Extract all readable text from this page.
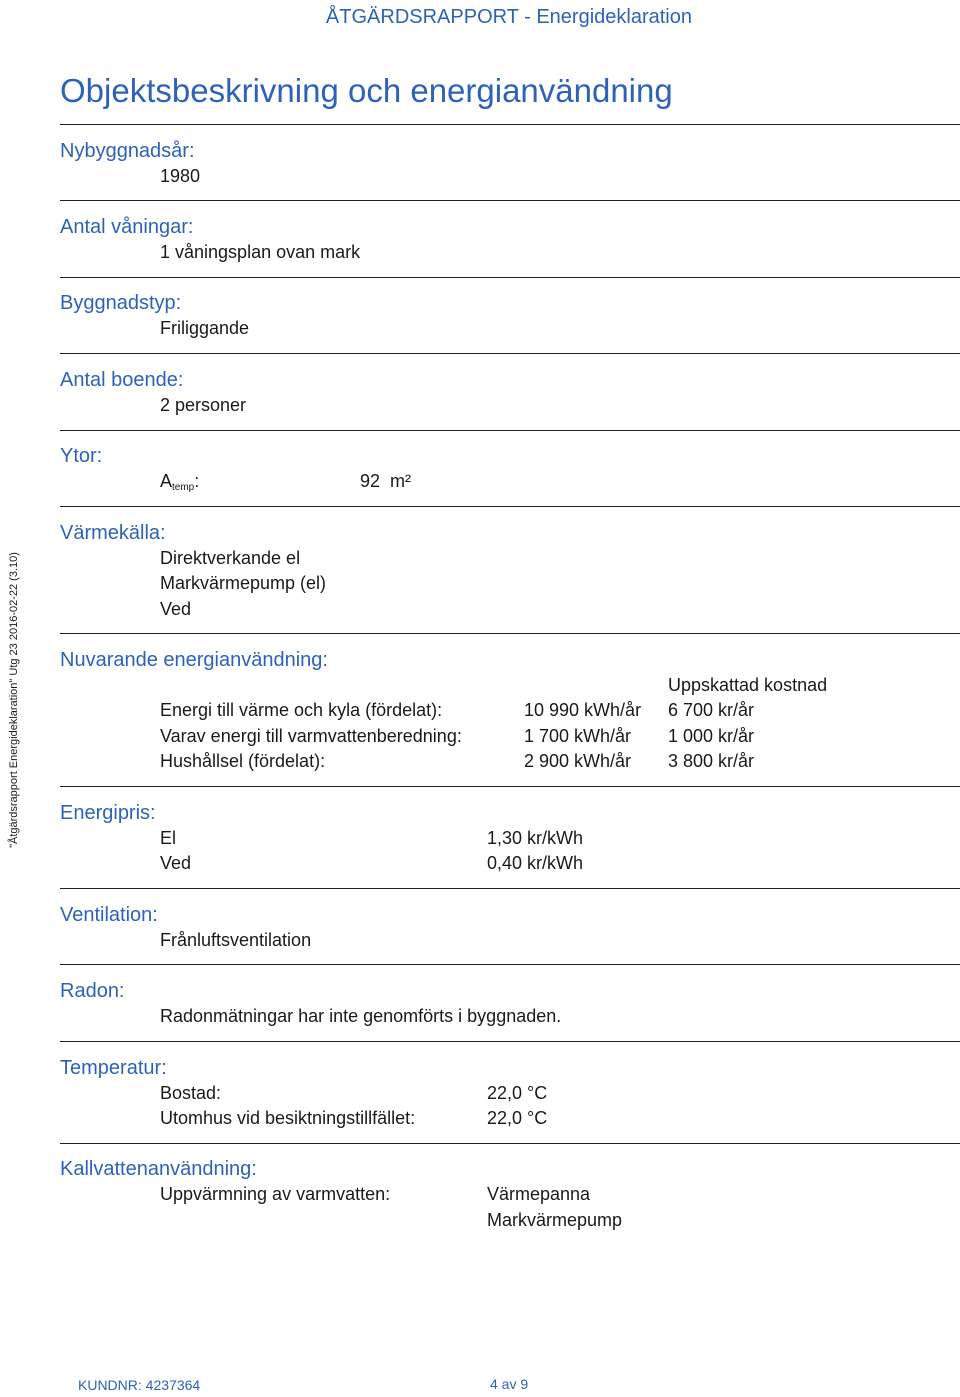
ÅTGÄRDSRAPPORT - Energideklaration
"Åtgärdsrapport Energideklaration" Utg 23 2016-02-22 (3.10)
Objektsbeskrivning och energianvändning
Nybyggnadsår:
1980
Antal våningar:
1 våningsplan ovan mark
Byggnadstyp:
Friliggande
Antal boende:
2 personer
Ytor:
$A_{temp}$:	92 m²
Värmekälla:
Direktverkande el
Markvärmepump (el)
Ved
Nuvarande energianvändning:
Uppskattad kostnad
Energi till värme och kyla (fördelat):	10 990 kWh/år 6 700 kr/år
Varav energi till varmvattenberedning:	1 700 kWh/år 1 000 kr/år
Hushållsel (fördelat):	2 900 kWh/år 3 800 kr/år
Energipris:
El	1,30 kr/kWh
Ved	0,40 kr/kWh
Ventilation:
Frånluftsventilation
Radon:
Radonmätningar har inte genomförts i byggnaden.
Temperatur:
Bostad:	22,0 °C
Utomhus vid besiktningstillfället:	22,0 °C
Kallvattenanvändning:
Uppvärmning av varmvatten:	Värmepanna
Markvärmepump
KUNDNR: 4237364	4 av 9
